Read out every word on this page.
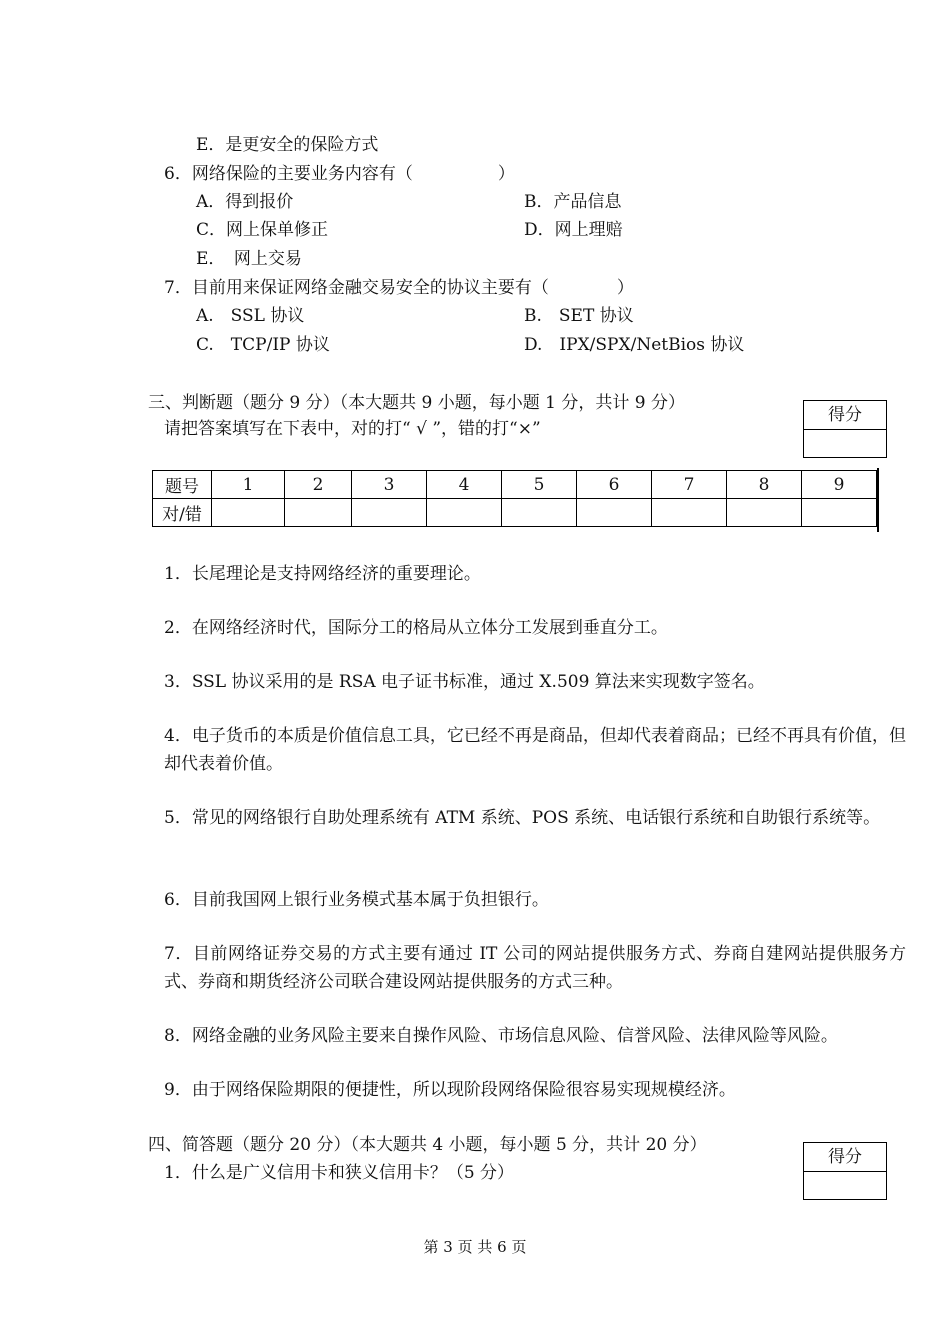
E．是更安全的保险方式
6．网络保险的主要业务内容有（　　　　　）
A．得到报价	B．产品信息
C．网上保单修正	D．网上理赔
E．　网上交易
7．目前用来保证网络金融交易安全的协议主要有（　　　　）
A.　SSL 协议	B.　SET 协议
C.　TCP/IP 协议	D.　IPX/SPX/NetBios 协议
三、判断题（题分 9 分）（本大题共 9 小题，每小题 1 分，共计 9 分）
请把答案填写在下表中，对的打“ √ ”，错的打“×”
得分
题号	1	2	3	4	5	6	7	8	9
对/错									
1．长尾理论是支持网络经济的重要理论。
2．在网络经济时代，国际分工的格局从立体分工发展到垂直分工。
3．SSL 协议采用的是 RSA 电子证书标准，通过 X.509 算法来实现数字签名。
4．电子货币的本质是价值信息工具，它已经不再是商品，但却代表着商品；已经不再具有价值，但却代表着价值。
5．常见的网络银行自助处理系统有 ATM 系统、POS 系统、电话银行系统和自助银行系统等。
6．目前我国网上银行业务模式基本属于负担银行。
7．目前网络证券交易的方式主要有通过 IT 公司的网站提供服务方式、券商自建网站提供服务方式、券商和期货经济公司联合建设网站提供服务的方式三种。
8．网络金融的业务风险主要来自操作风险、市场信息风险、信誉风险、法律风险等风险。
9．由于网络保险期限的便捷性，所以现阶段网络保险很容易实现规模经济。
四、简答题（题分 20 分）（本大题共 4 小题，每小题 5 分，共计 20 分）
1．什么是广义信用卡和狭义信用卡？（5 分）
得分
第 3 页 共 6 页
